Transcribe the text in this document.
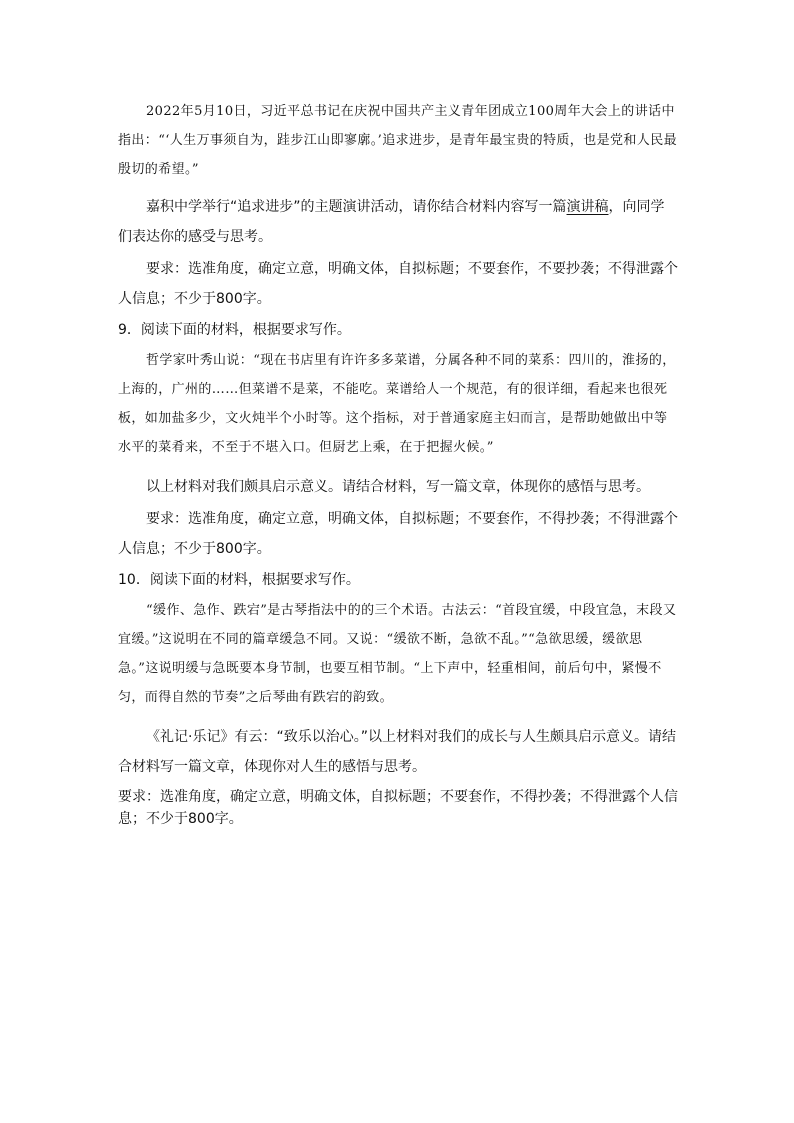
2022年5月10日，习近平总书记在庆祝中国共产主义青年团成立100周年大会上的讲话中指出：“‘人生万事须自为，跬步江山即寥廓。’追求进步，是青年最宝贵的特质，也是党和人民最殷切的希望。”

嘉积中学举行“追求进步”的主题演讲活动，请你结合材料内容写一篇演讲稿，向同学们表达你的感受与思考。

要求：选准角度，确定立意，明确文体，自拟标题；不要套作，不要抄袭；不得泄露个人信息；不少于800字。

9．阅读下面的材料，根据要求写作。

哲学家叶秀山说：“现在书店里有许许多多菜谱，分属各种不同的菜系：四川的，淮扬的，上海的，广州的……但菜谱不是菜，不能吃。菜谱给人一个规范，有的很详细，看起来也很死板，如加盐多少，文火炖半个小时等。这个指标，对于普通家庭主妇而言，是帮助她做出中等水平的菜肴来，不至于不堪入口。但厨艺上乘，在于把握火候。”

以上材料对我们颇具启示意义。请结合材料，写一篇文章，体现你的感悟与思考。

要求：选准角度，确定立意，明确文体，自拟标题；不要套作，不得抄袭；不得泄露个人信息；不少于800字。

10．阅读下面的材料，根据要求写作。

“缓作、急作、跌宕”是古琴指法中的的三个术语。古法云：“首段宜缓，中段宜急，末段又宜缓。”这说明在不同的篇章缓急不同。又说：“缓欲不断，急欲不乱。”“急欲思缓，缓欲思急。”这说明缓与急既要本身节制，也要互相节制。“上下声中，轻重相间，前后句中，紧慢不匀，而得自然的节奏”之后琴曲有跌宕的韵致。

《礼记·乐记》有云：“致乐以治心。”以上材料对我们的成长与人生颇具启示意义。请结合材料写一篇文章，体现你对人生的感悟与思考。

要求：选准角度，确定立意，明确文体，自拟标题；不要套作，不得抄袭；不得泄露个人信息；不少于800字。
